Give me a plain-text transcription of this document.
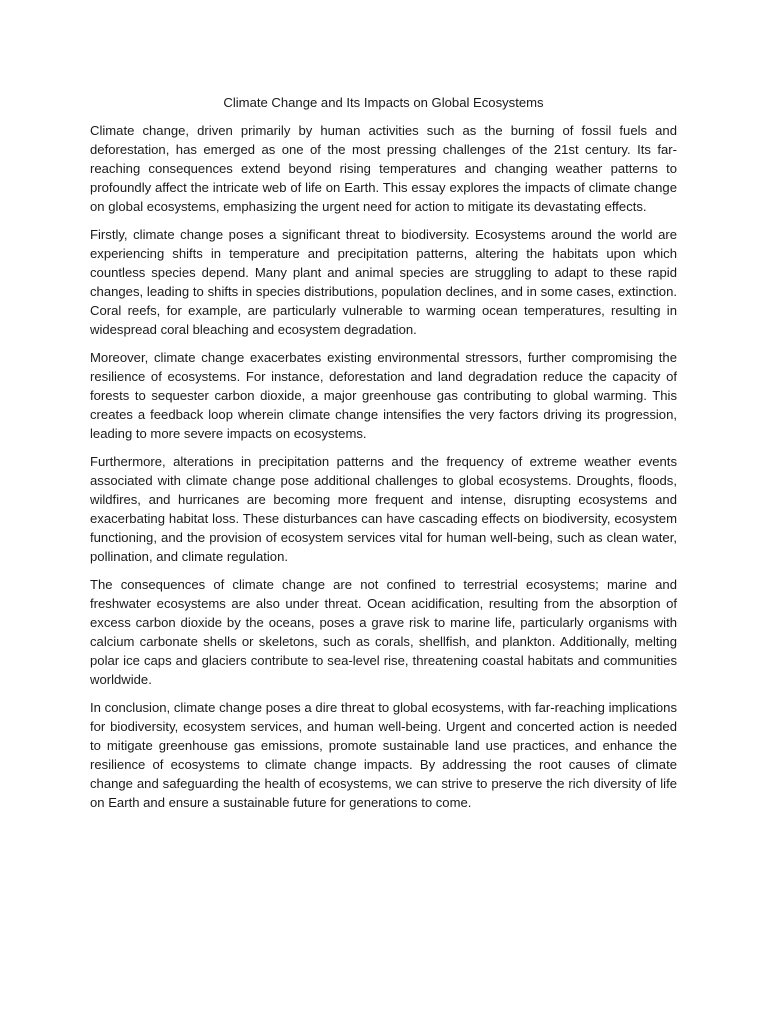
Climate Change and Its Impacts on Global Ecosystems

Climate change, driven primarily by human activities such as the burning of fossil fuels and deforestation, has emerged as one of the most pressing challenges of the 21st century. Its far-reaching consequences extend beyond rising temperatures and changing weather patterns to profoundly affect the intricate web of life on Earth. This essay explores the impacts of climate change on global ecosystems, emphasizing the urgent need for action to mitigate its devastating effects.

Firstly, climate change poses a significant threat to biodiversity. Ecosystems around the world are experiencing shifts in temperature and precipitation patterns, altering the habitats upon which countless species depend. Many plant and animal species are struggling to adapt to these rapid changes, leading to shifts in species distributions, population declines, and in some cases, extinction. Coral reefs, for example, are particularly vulnerable to warming ocean temperatures, resulting in widespread coral bleaching and ecosystem degradation.

Moreover, climate change exacerbates existing environmental stressors, further compromising the resilience of ecosystems. For instance, deforestation and land degradation reduce the capacity of forests to sequester carbon dioxide, a major greenhouse gas contributing to global warming. This creates a feedback loop wherein climate change intensifies the very factors driving its progression, leading to more severe impacts on ecosystems.

Furthermore, alterations in precipitation patterns and the frequency of extreme weather events associated with climate change pose additional challenges to global ecosystems. Droughts, floods, wildfires, and hurricanes are becoming more frequent and intense, disrupting ecosystems and exacerbating habitat loss. These disturbances can have cascading effects on biodiversity, ecosystem functioning, and the provision of ecosystem services vital for human well-being, such as clean water, pollination, and climate regulation.

The consequences of climate change are not confined to terrestrial ecosystems; marine and freshwater ecosystems are also under threat. Ocean acidification, resulting from the absorption of excess carbon dioxide by the oceans, poses a grave risk to marine life, particularly organisms with calcium carbonate shells or skeletons, such as corals, shellfish, and plankton. Additionally, melting polar ice caps and glaciers contribute to sea-level rise, threatening coastal habitats and communities worldwide.

In conclusion, climate change poses a dire threat to global ecosystems, with far-reaching implications for biodiversity, ecosystem services, and human well-being. Urgent and concerted action is needed to mitigate greenhouse gas emissions, promote sustainable land use practices, and enhance the resilience of ecosystems to climate change impacts. By addressing the root causes of climate change and safeguarding the health of ecosystems, we can strive to preserve the rich diversity of life on Earth and ensure a sustainable future for generations to come.
